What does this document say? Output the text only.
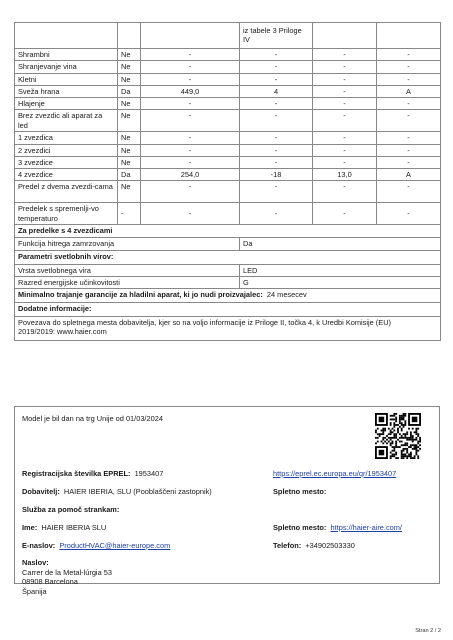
			iz tabele 3 Priloge IV		
Shrambni	Ne	-	-	-	-
Shranjevanje vina	Ne	-	-	-	-
Kletni	Ne	-	-	-	-
Sveža hrana	Da	449,0	4	-	A
Hlajenje	Ne	-	-	-	-
Brez zvezdic ali aparat za led	Ne	-	-	-	-
1 zvezdica	Ne	-	-	-	-
2 zvezdici	Ne	-	-	-	-
3 zvezdice	Ne	-	-	-	-
4 zvezdice	Da	254,0	-18	13,0	A
Predel z dvema zvezdi-cama	Ne	-	-	-	-
Predelek s spremenlji-vo temperaturo	-	-	-	-	-
Za predelke s 4 zvezdicami					
Funkcija hitrega zamrzovanja			Da		
Parametri svetlobnih virov:					
Vrsta svetlobnega vira			LED		
Razred energijske učinkovitosti			G		
Minimalno trajanje garancije za hladilni aparat, ki jo nudi proizvajalec: 24 mesecev					
Dodatne informacije:					

Povezava do spletnega mesta dobavitelja, kjer so na voljo informacije iz Priloge II, točka 4, k Uredbi Komisije (EU)
2019/2019: www.haier.com					
Model je bil dan na trg Unije od 01/03/2024
Registracijska številka EPREL: 1953407	https://eprel.ec.europa.eu/qr/1953407
Dobavitelj: HAIER IBERIA, SLU (Pooblaščeni zastopnik)	Spletno mesto:
Služba za pomoč strankam:
Ime: HAIER IBERIA SLU	Spletno mesto: https://haier-aire.com/
E-naslov: ProductHVAC@haier-europe.com	Telefon: +34902503330
Naslov:
Carrer de la Metal-lúrgia 53
08908 Barcelona
Španija
Stran 2 / 2
